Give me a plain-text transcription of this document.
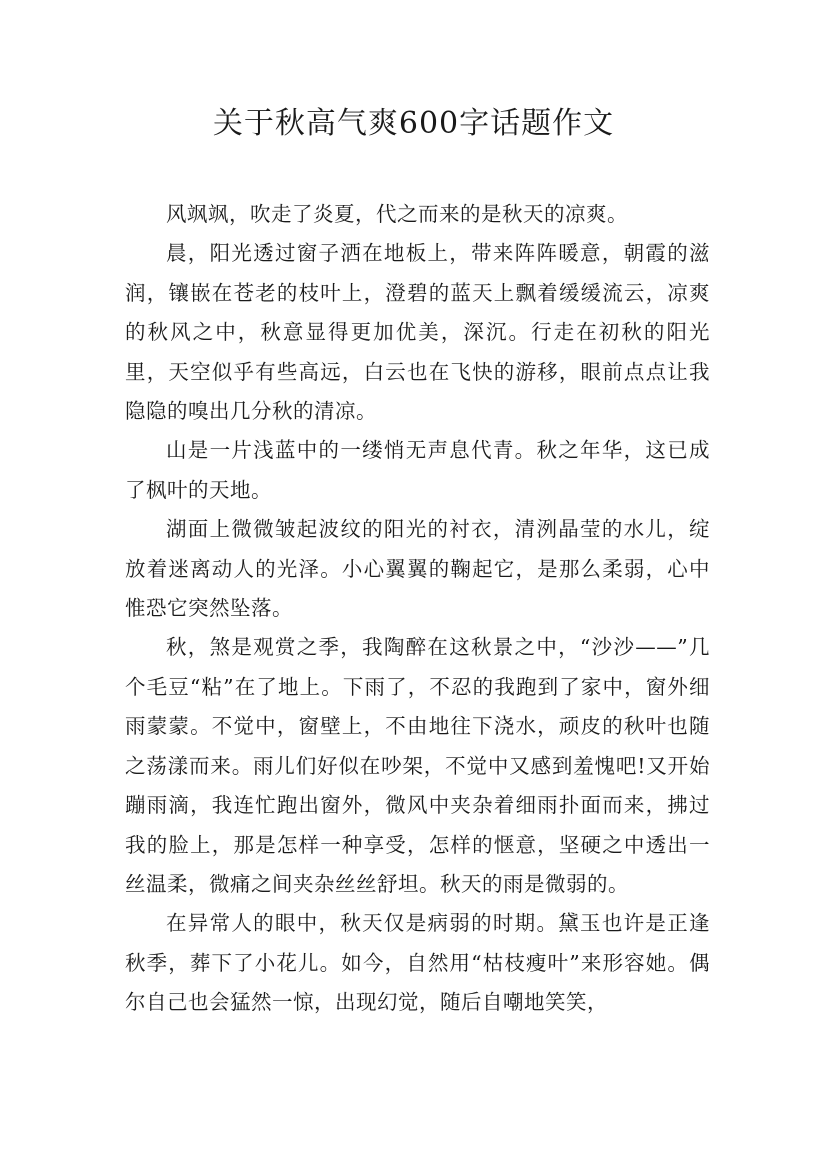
关于秋高气爽600字话题作文

风飒飒，吹走了炎夏，代之而来的是秋天的凉爽。

晨，阳光透过窗子洒在地板上，带来阵阵暖意，朝霞的滋润，镶嵌在苍老的枝叶上，澄碧的蓝天上飘着缓缓流云，凉爽的秋风之中，秋意显得更加优美，深沉。行走在初秋的阳光里，天空似乎有些高远，白云也在飞快的游移，眼前点点让我隐隐的嗅出几分秋的清凉。

山是一片浅蓝中的一缕悄无声息代青。秋之年华，这已成了枫叶的天地。

湖面上微微皱起波纹的阳光的衬衣，清洌晶莹的水儿，绽放着迷离动人的光泽。小心翼翼的鞠起它，是那么柔弱，心中惟恐它突然坠落。

秋，煞是观赏之季，我陶醉在这秋景之中，“沙沙——”几个毛豆“粘”在了地上。下雨了，不忍的我跑到了家中，窗外细雨蒙蒙。不觉中，窗壁上，不由地往下浇水，顽皮的秋叶也随之荡漾而来。雨儿们好似在吵架，不觉中又感到羞愧吧!又开始蹦雨滴，我连忙跑出窗外，微风中夹杂着细雨扑面而来，拂过我的脸上，那是怎样一种享受，怎样的惬意，坚硬之中透出一丝温柔，微痛之间夹杂丝丝舒坦。秋天的雨是微弱的。

在异常人的眼中，秋天仅是病弱的时期。黛玉也许是正逢秋季，葬下了小花儿。如今，自然用“枯枝瘦叶”来形容她。偶尔自己也会猛然一惊，出现幻觉，随后自嘲地笑笑，
